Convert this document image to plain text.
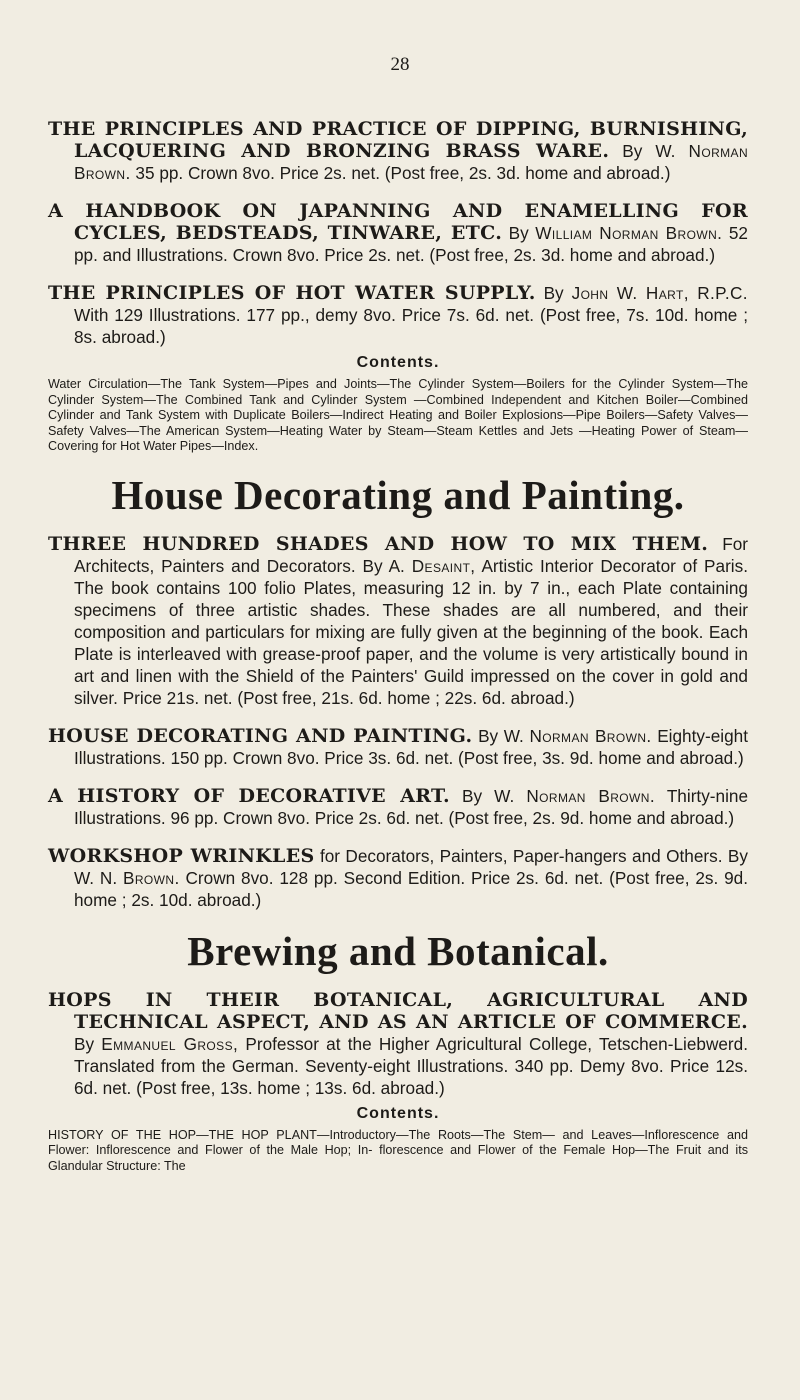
28

THE PRINCIPLES AND PRACTICE OF DIPPING, BURNISHING, LACQUERING AND BRONZING BRASS WARE. By W. Norman Brown. 35 pp. Crown 8vo. Price 2s. net. (Post free, 2s. 3d. home and abroad.)

A HANDBOOK ON JAPANNING AND ENAMELLING FOR CYCLES, BEDSTEADS, TINWARE, ETC. By William Norman Brown. 52 pp. and Illustrations. Crown 8vo. Price 2s. net. (Post free, 2s. 3d. home and abroad.)

THE PRINCIPLES OF HOT WATER SUPPLY. By John W. Hart, R.P.C. With 129 Illustrations. 177 pp., demy 8vo. Price 7s. 6d. net. (Post free, 7s. 10d. home ; 8s. abroad.)

Contents.

Water Circulation—The Tank System—Pipes and Joints—The Cylinder System—Boilers for the Cylinder System—The Cylinder System—The Combined Tank and Cylinder System —Combined Independent and Kitchen Boiler—Combined Cylinder and Tank System with Duplicate Boilers—Indirect Heating and Boiler Explosions—Pipe Boilers—Safety Valves— Safety Valves—The American System—Heating Water by Steam—Steam Kettles and Jets —Heating Power of Steam—Covering for Hot Water Pipes—Index.

House Decorating and Painting.

THREE HUNDRED SHADES AND HOW TO MIX THEM. For Architects, Painters and Decorators. By A. Desaint, Artistic Interior Decorator of Paris. The book contains 100 folio Plates, measuring 12 in. by 7 in., each Plate containing specimens of three artistic shades. These shades are all numbered, and their composition and particulars for mixing are fully given at the beginning of the book. Each Plate is interleaved with grease-proof paper, and the volume is very artistically bound in art and linen with the Shield of the Painters' Guild impressed on the cover in gold and silver. Price 21s. net. (Post free, 21s. 6d. home ; 22s. 6d. abroad.)

HOUSE DECORATING AND PAINTING. By W. Norman Brown. Eighty-eight Illustrations. 150 pp. Crown 8vo. Price 3s. 6d. net. (Post free, 3s. 9d. home and abroad.)

A HISTORY OF DECORATIVE ART. By W. Norman Brown. Thirty-nine Illustrations. 96 pp. Crown 8vo. Price 2s. 6d. net. (Post free, 2s. 9d. home and abroad.)

WORKSHOP WRINKLES for Decorators, Painters, Paper-hangers and Others. By W. N. Brown. Crown 8vo. 128 pp. Second Edition. Price 2s. 6d. net. (Post free, 2s. 9d. home ; 2s. 10d. abroad.)

Brewing and Botanical.

HOPS IN THEIR BOTANICAL, AGRICULTURAL AND TECHNICAL ASPECT, AND AS AN ARTICLE OF COMMERCE. By Emmanuel Gross, Professor at the Higher Agricultural College, Tetschen-Liebwerd. Translated from the German. Seventy-eight Illustrations. 340 pp. Demy 8vo. Price 12s. 6d. net. (Post free, 13s. home ; 13s. 6d. abroad.)

Contents.

HISTORY OF THE HOP—THE HOP PLANT—Introductory—The Roots—The Stem— and Leaves—Inflorescence and Flower: Inflorescence and Flower of the Male Hop; In- florescence and Flower of the Female Hop—The Fruit and its Glandular Structure: The
